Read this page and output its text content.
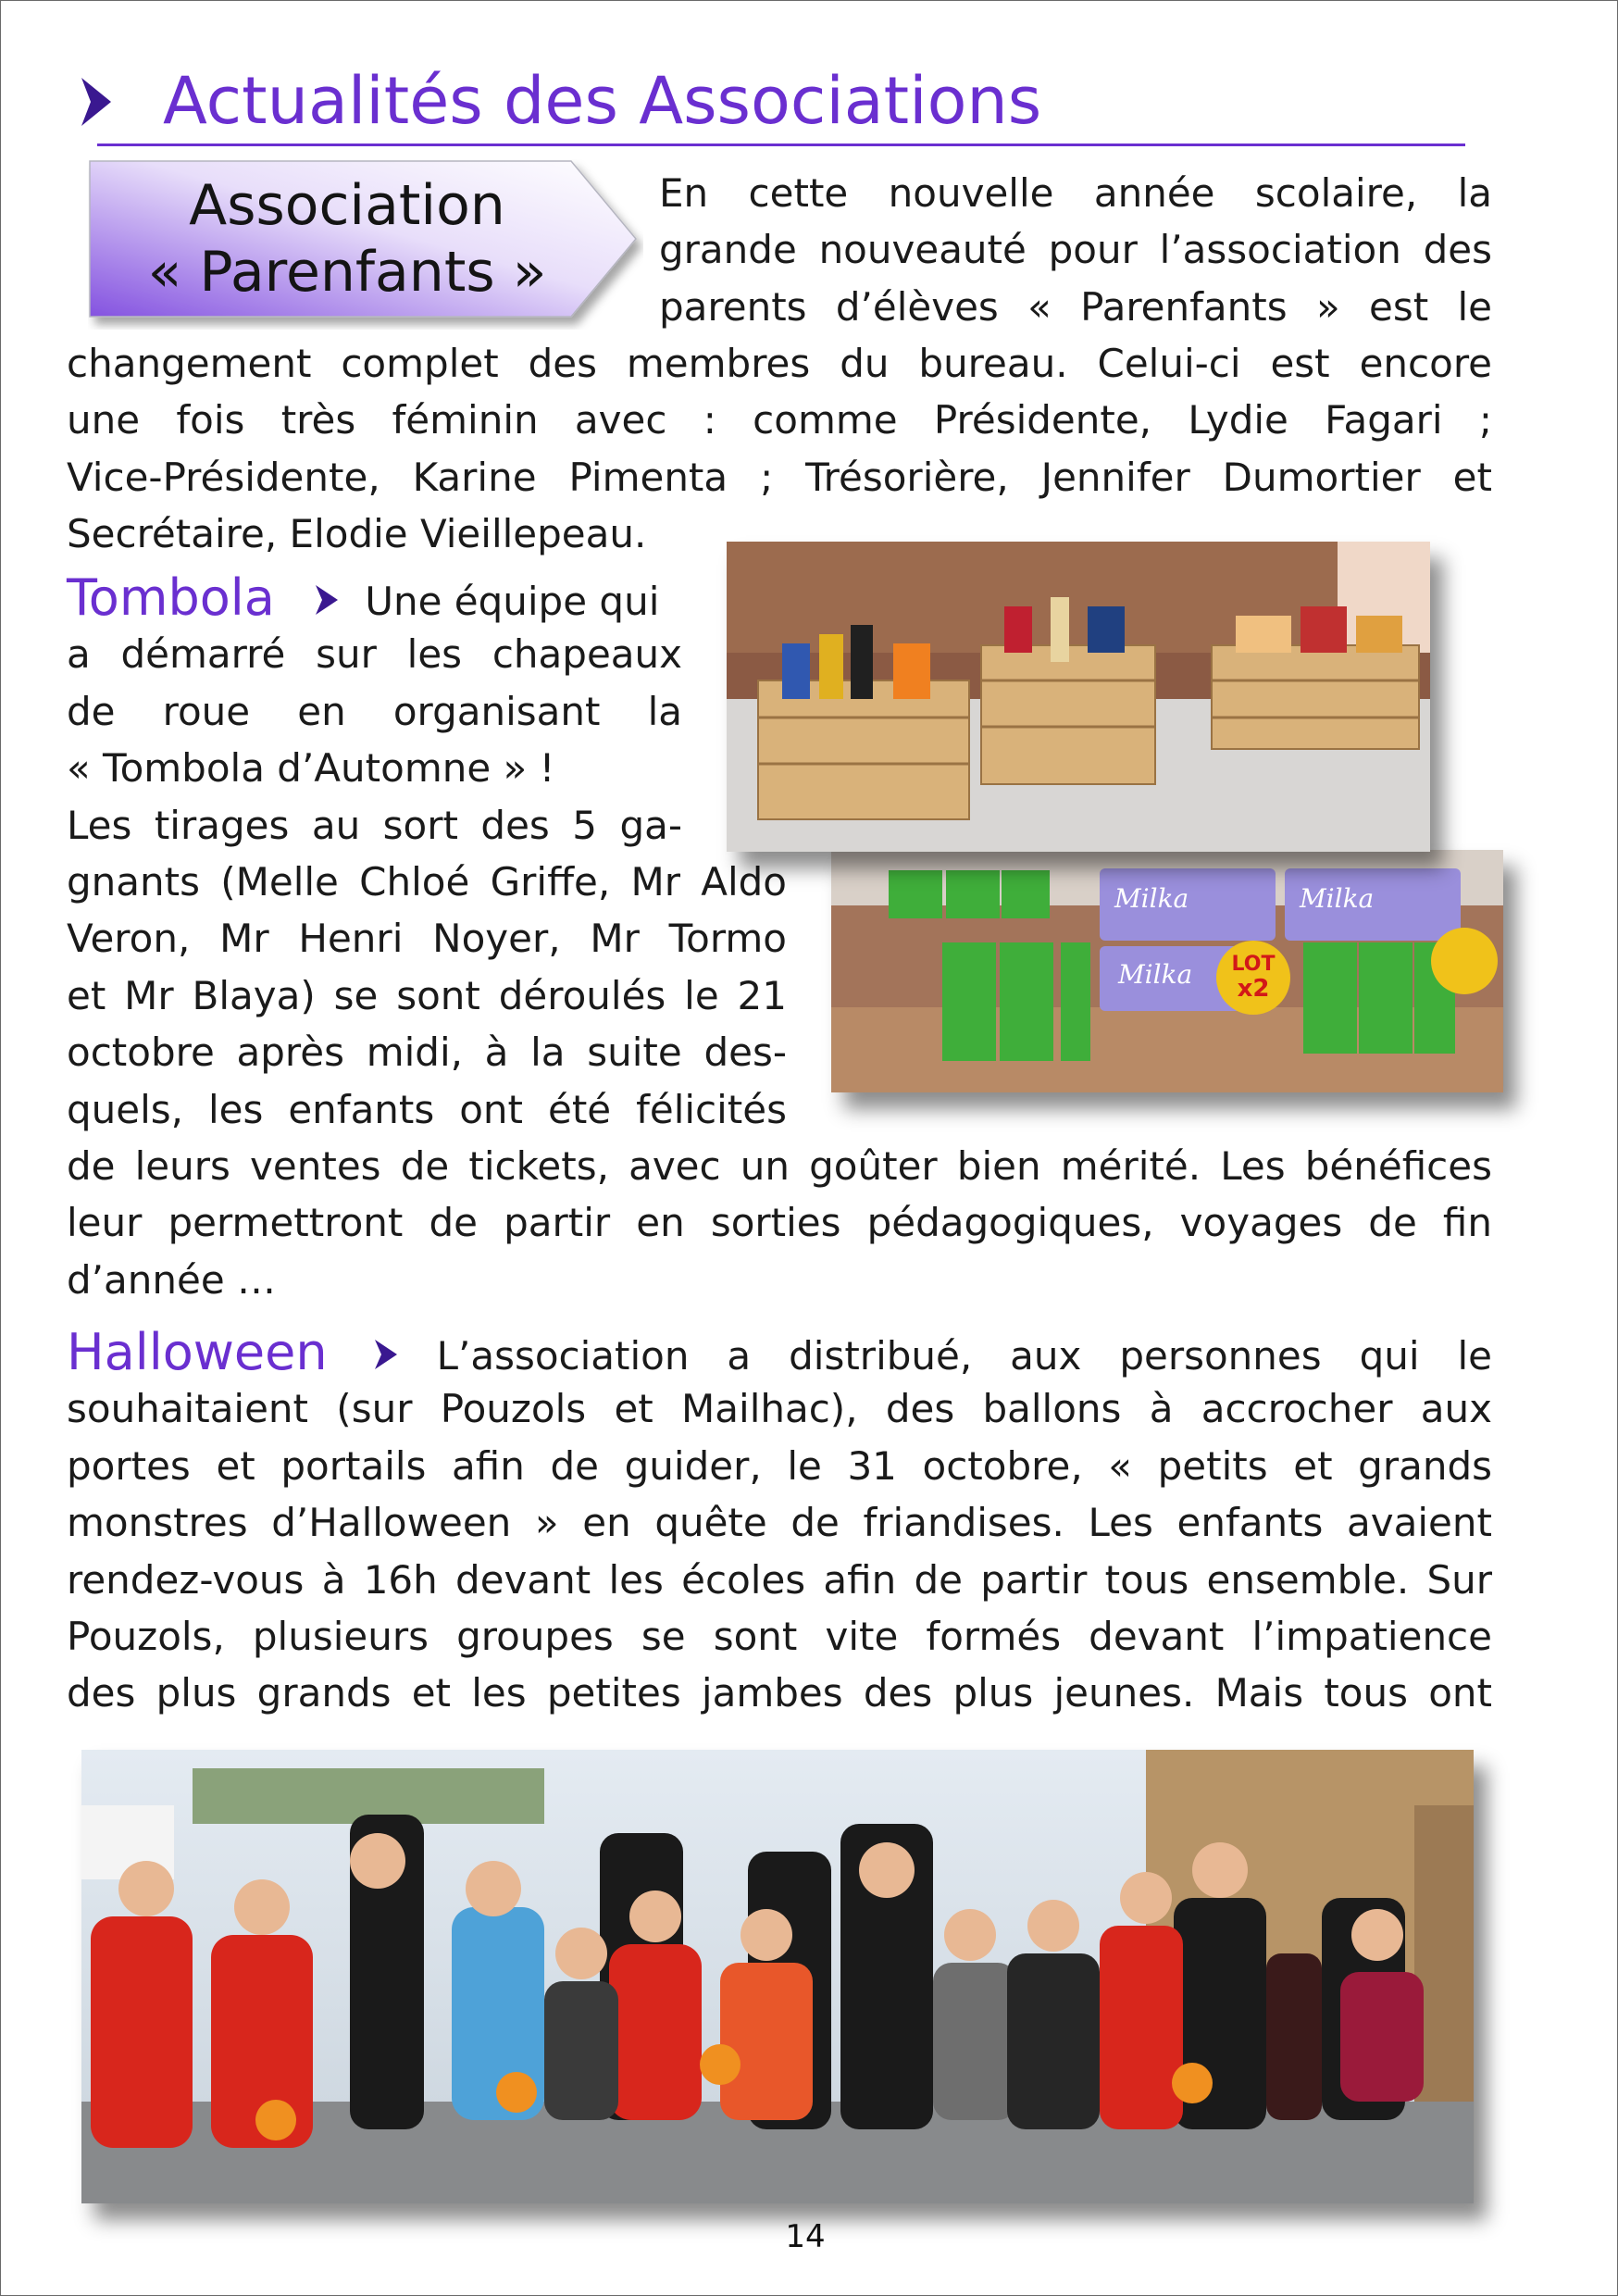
Actualités des Associations
Association
« Parenfants »
En cette nouvelle année scolaire, la
grande nouveauté pour l’association des
parents d’élèves « Parenfants » est le
changement complet des membres du bureau. Celui-ci est encore
une fois très féminin avec : comme Présidente, Lydie Fagari ;
Vice-Présidente, Karine Pimenta ; Trésorière, Jennifer Dumortier et
Secrétaire, Elodie Vieillepeau.
Tombola Une équipe qui
a démarré sur les chapeaux
de roue en organisant la
« Tombola d’Automne » !
Les tirages au sort des 5 ga-
gnants (Melle Chloé Griffe, Mr Aldo
Veron, Mr Henri Noyer, Mr Tormo
et Mr Blaya) se sont déroulés le 21
octobre après midi, à la suite des-
quels, les enfants ont été félicités
de leurs ventes de tickets, avec un goûter bien mérité. Les bénéfices
leur permettront de partir en sorties pédagogiques, voyages de fin
d’année …
Halloween	L’association a distribué, aux personnes qui le
souhaitaient (sur Pouzols et Mailhac), des ballons à accrocher aux
portes et portails afin de guider, le 31 octobre, « petits et grands
monstres d’Halloween » en quête de friandises. Les enfants avaient
rendez-vous à 16h devant les écoles afin de partir tous ensemble. Sur
Pouzols, plusieurs groupes se sont vite formés devant l’impatience
des plus grands et les petites jambes des plus jeunes. Mais tous ont
Milka	Milka
Milka LOT
x2
14
